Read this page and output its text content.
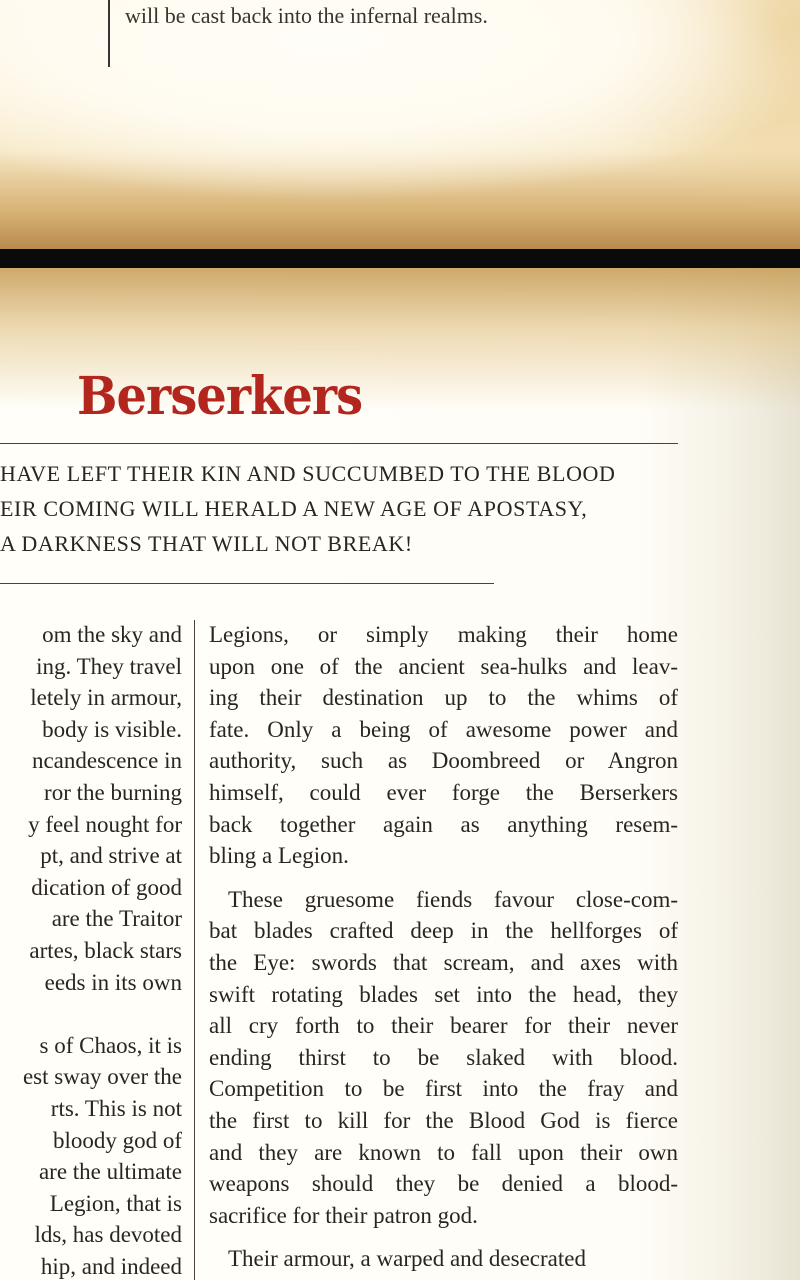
will be cast back into the infernal realms.
Berserkers
HAVE LEFT THEIR KIN AND SUCCUMBED TO THE BLOOD
EIR COMING WILL HERALD A NEW AGE OF APOSTASY,
A DARKNESS THAT WILL NOT BREAK!
om the sky and
ing. They travel
letely in armour,
body is visible.
ncandescence in
ror the burning
y feel nought for
pt, and strive at
dication of good
are the Traitor
artes, black stars
eeds in its own
s of Chaos, it is
est sway over the
rts. This is not
bloody god of
are the ultimate
Legion, that is
lds, has devoted
hip, and indeed
Legions, or simply making their home
upon one of the ancient sea-hulks and leav-
ing their destination up to the whims of
fate. Only a being of awesome power and
authority, such as Doombreed or Angron
himself, could ever forge the Berserkers
back together again as anything resem-
bling a Legion.
These gruesome fiends favour close-com-
bat blades crafted deep in the hellforges of
the Eye: swords that scream, and axes with
swift rotating blades set into the head, they
all cry forth to their bearer for their never
ending thirst to be slaked with blood.
Competition to be first into the fray and
the first to kill for the Blood God is fierce
and they are known to fall upon their own
weapons should they be denied a blood-
sacrifice for their patron god.
Their armour, a warped and desecrated
